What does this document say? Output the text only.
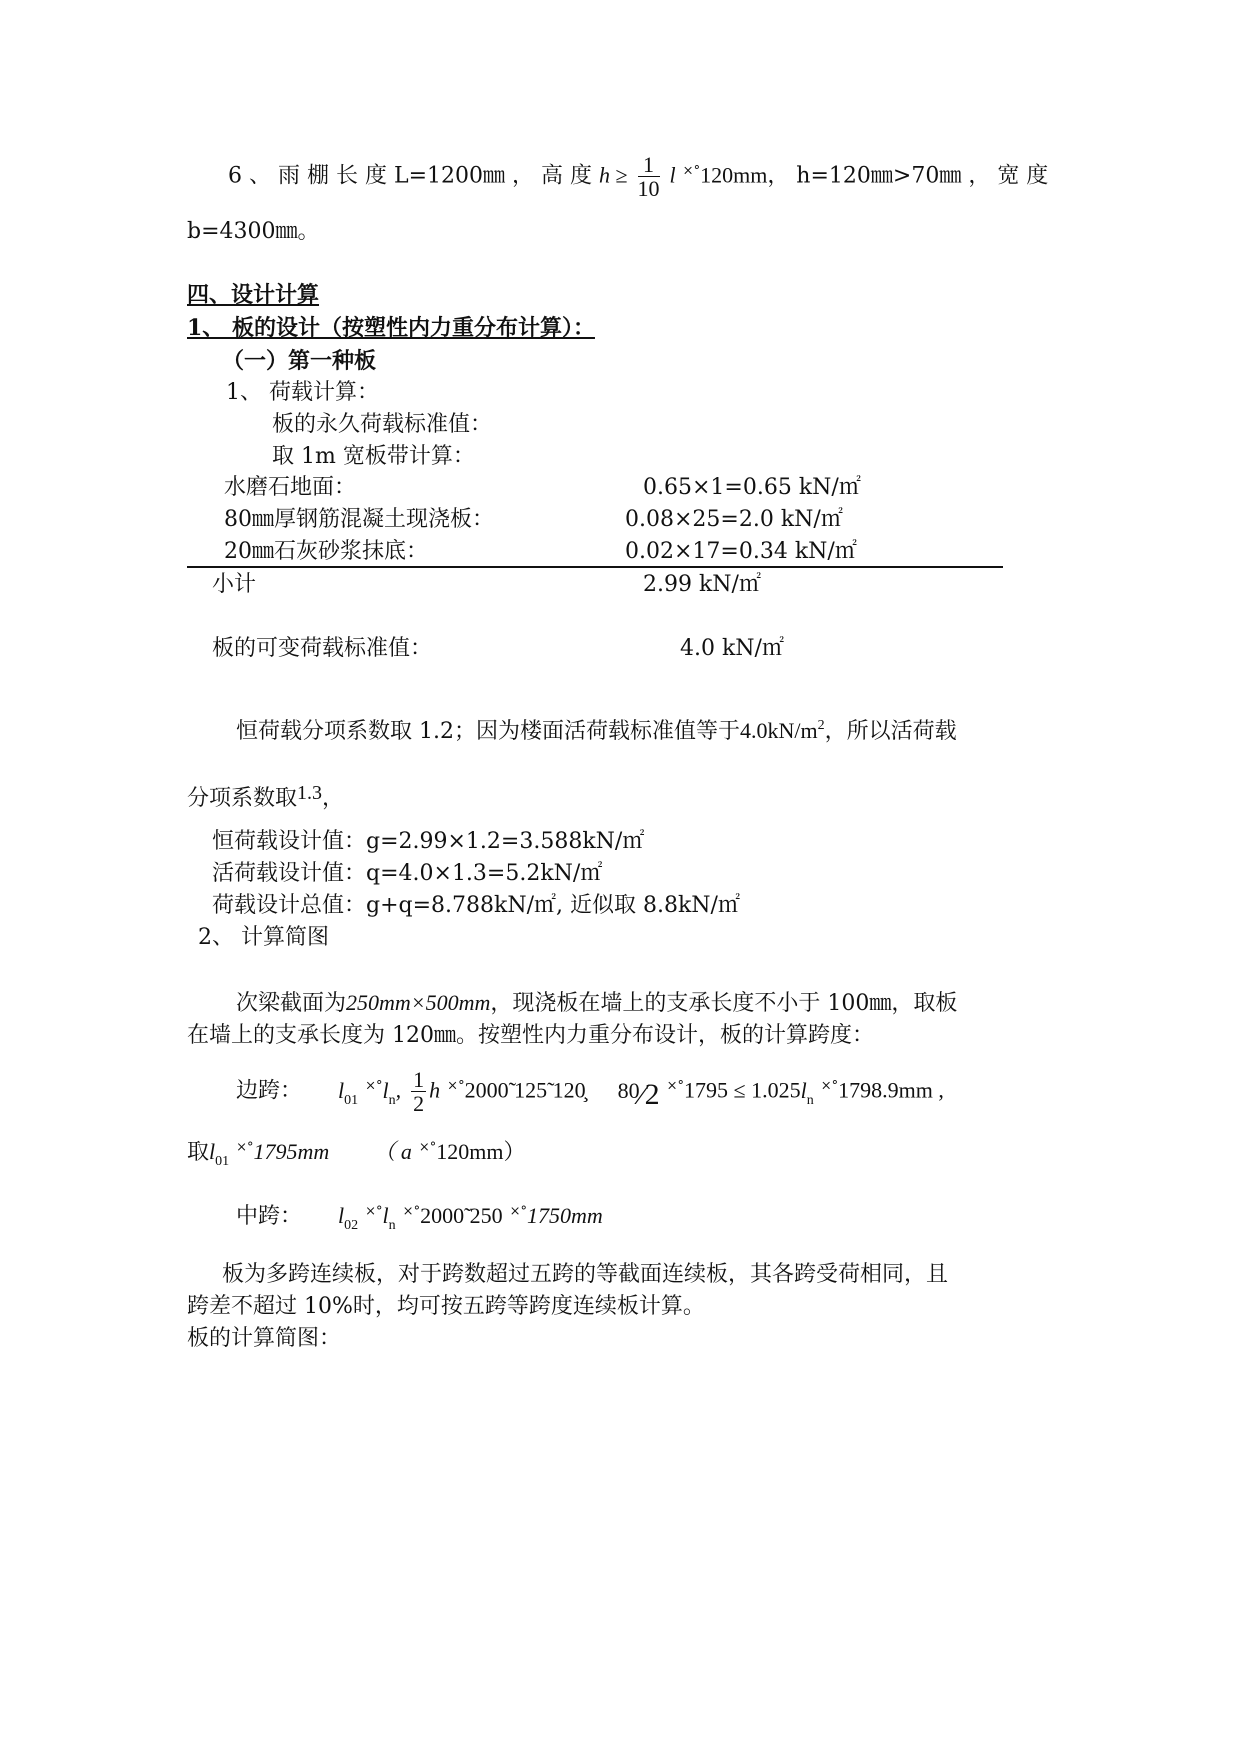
6 、 雨 棚 长 度 L=1200㎜ ， 高 度 $h \ge \frac{1}{10}$ l ×°120mm， h=120㎜>70㎜ ， 宽 度
b=4300㎜。
四、设计计算
1、 板的设计（按塑性内力重分布计算）：
（一）第一种板
1、 荷载计算：
板的永久荷载标准值：
取 1m 宽板带计算：
水磨石地面：	0.65×1=0.65 kN/㎡
80㎜厚钢筋混凝土现浇板：	0.08×25=2.0 kN/㎡
20㎜石灰砂浆抹底：	0.02×17=0.34 kN/㎡
小计	2.99 kN/㎡
板的可变荷载标准值：	4.0 kN/㎡
恒荷载分项系数取 1.2；因为楼面活荷载标准值等于$4.0kN/m^2$，所以活荷载
分项系数取1.3，
恒荷载设计值：g=2.99×1.2=3.588kN/㎡
活荷载设计值：q=4.0×1.3=5.2kN/㎡
荷载设计总值：g+q=8.788kN/㎡, 近似取 8.8kN/㎡
2、 计算简图
次梁截面为250mm×500mm，现浇板在墙上的支承长度不小于 100㎜，取板
在墙上的支承长度为 120㎜。按塑性内力重分布设计，板的计算跨度：
边跨： $l_{01}$ $^{\times^\circ}l_n$, $\frac{1}{2}$ h ×°2000̃ 125̃ 120̧ 80⁄2 $^{\times^\circ}1795 \le 1.025l_n$ ×°1798.9mm ,
取$l_{01}$ ×°1795mm （ a ×°120mm）
中跨： $l_{02}$ $^{\times^\circ}l_n$ ×°2000̃ 250 ×°1750mm
板为多跨连续板，对于跨数超过五跨的等截面连续板，其各跨受荷相同，且
跨差不超过 10%时，均可按五跨等跨度连续板计算。
板的计算简图：
